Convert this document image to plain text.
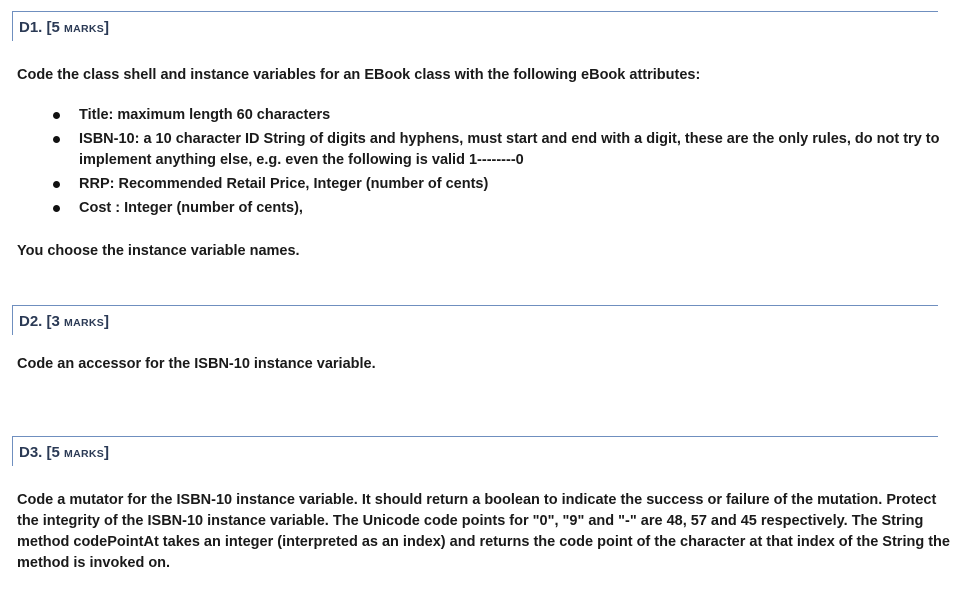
D1. [5 MARKS]
Code the class shell and instance variables for an EBook class with the following eBook attributes:
Title: maximum length 60 characters
ISBN-10: a 10 character ID String of digits and hyphens, must start and end with a digit, these are the only rules, do not try to implement anything else, e.g. even the following is valid 1--------0
RRP: Recommended Retail Price, Integer (number of cents)
Cost : Integer (number of cents),
You choose the instance variable names.
D2. [3 MARKS]
Code an accessor for the ISBN-10 instance variable.
D3. [5 MARKS]
Code a mutator for the ISBN-10 instance variable. It should return a boolean to indicate the success or failure of the mutation. Protect the integrity of the ISBN-10 instance variable. The Unicode code points for "0", "9" and "-" are 48, 57 and 45 respectively. The String method codePointAt takes an integer (interpreted as an index) and returns the code point of the character at that index of the String the method is invoked on.
